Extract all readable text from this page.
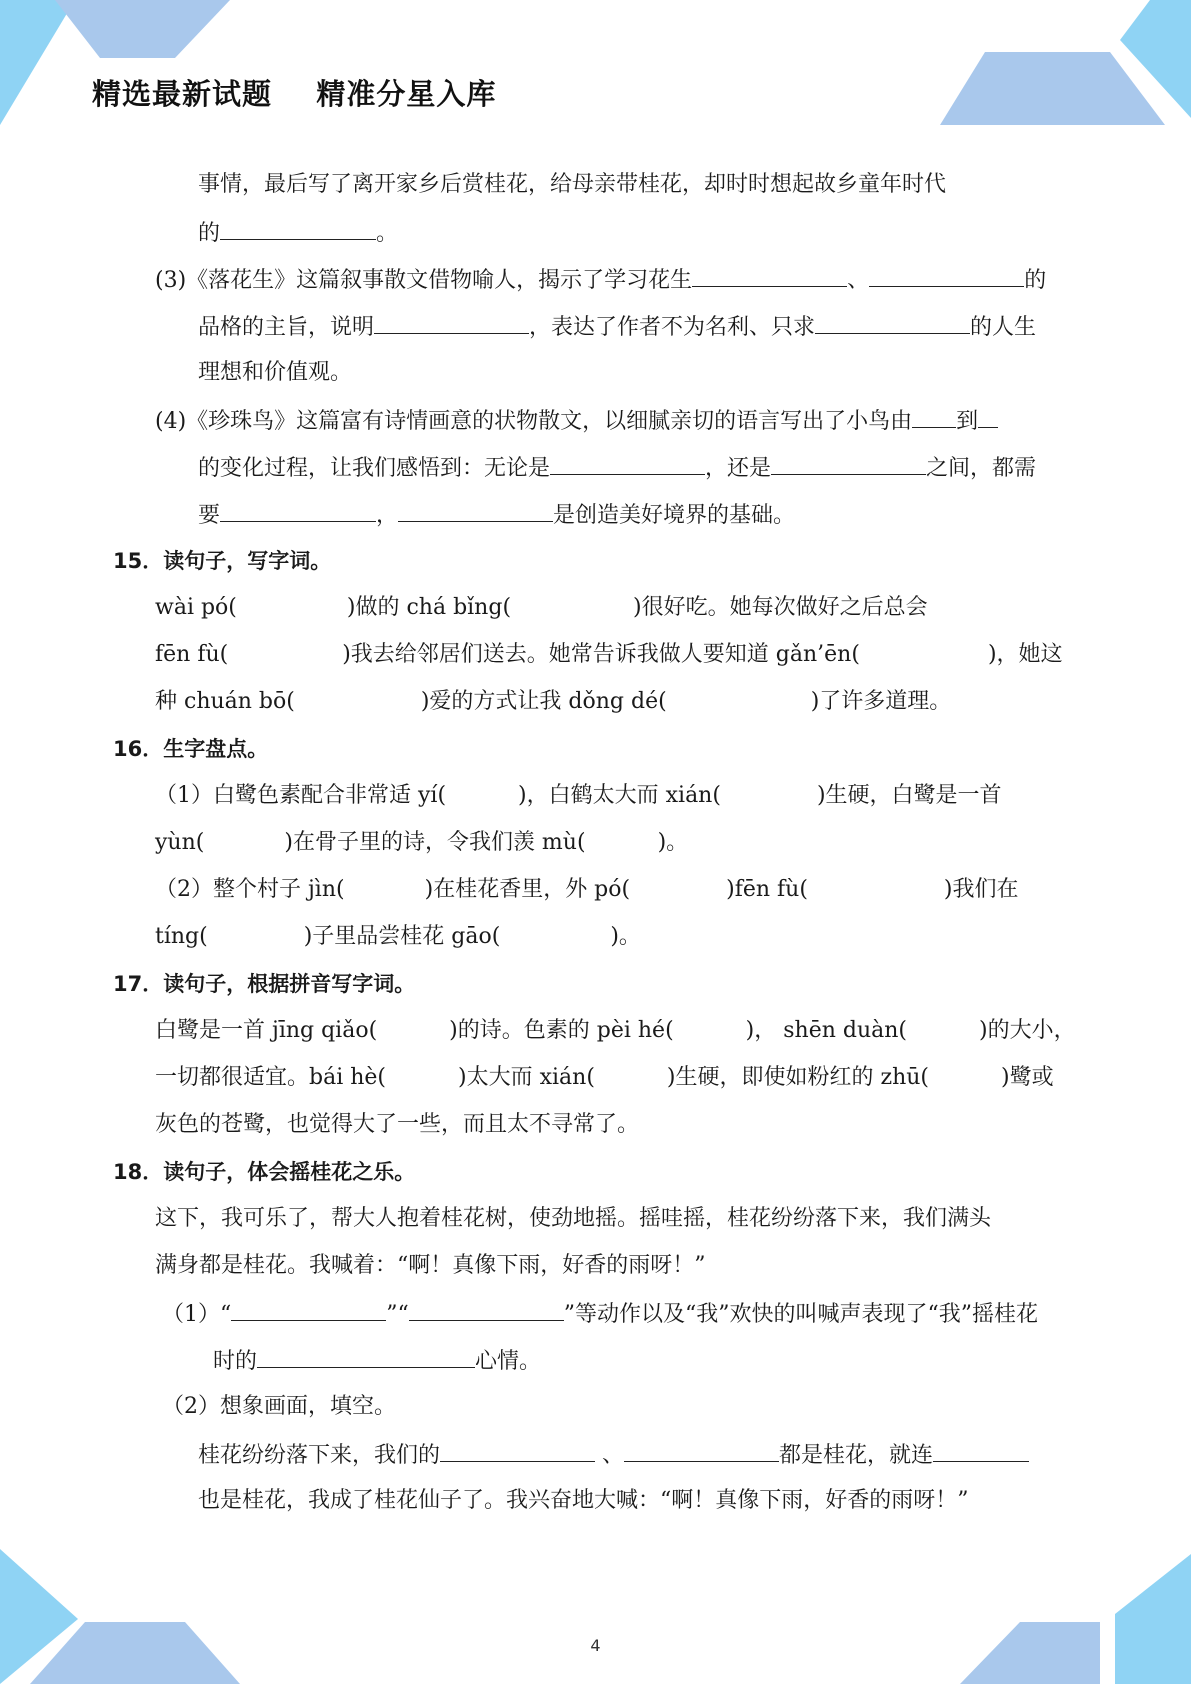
精选最新试题    精准分星入库
事情，最后写了离开家乡后赏桂花，给母亲带桂花，却时时想起故乡童年时代
的	。
(3)《落花生》这篇叙事散文借物喻人，揭示了学习花生	、	的
品格的主旨，说明	，表达了作者不为名利、只求	的人生
理想和价值观。
(4)《珍珠鸟》这篇富有诗情画意的状物散文，以细腻亲切的语言写出了小鸟由 到
的变化过程，让我们感悟到：无论是	，还是	之间，都需
要	，	是创造美好境界的基础。
15．读句子，写字词。
wài pó(	)做的 chá bǐng(	)很好吃。她每次做好之后总会
fēn fù(	)我去给邻居们送去。她常告诉我做人要知道 gǎn’ēn(	)，她这
种 chuán bō(	)爱的方式让我 dǒng dé(	)了许多道理。
16．生字盘点。
（1）白鹭色素配合非常适 yí(	)，白鹤太大而 xián(	)生硬，白鹭是一首
yùn(	)在骨子里的诗，令我们羡 mù(	)。
（2）整个村子 jìn(	)在桂花香里，外 pó(	)fēn fù(	)我们在
tíng(	)子里品尝桂花 gāo(	)。
17．读句子，根据拼音写字词。
白鹭是一首 jīng qiǎo(	)的诗。色素的 pèi hé(	)， shēn duàn(	)的大小，
一切都很适宜。bái hè(	)太大而 xián(	)生硬，即使如粉红的 zhū(	)鹭或
灰色的苍鹭，也觉得大了一些，而且太不寻常了。
18．读句子，体会摇桂花之乐。
这下，我可乐了，帮大人抱着桂花树，使劲地摇。摇哇摇，桂花纷纷落下来，我们满头
满身都是桂花。我喊着：“啊！真像下雨，好香的雨呀！”
（1）“	”“	”等动作以及“我”欢快的叫喊声表现了“我”摇桂花
时的	心情。
（2）想象画面，填空。
桂花纷纷落下来，我们的	、	都是桂花，就连
也是桂花，我成了桂花仙子了。我兴奋地大喊：“啊！真像下雨，好香的雨呀！”
4
